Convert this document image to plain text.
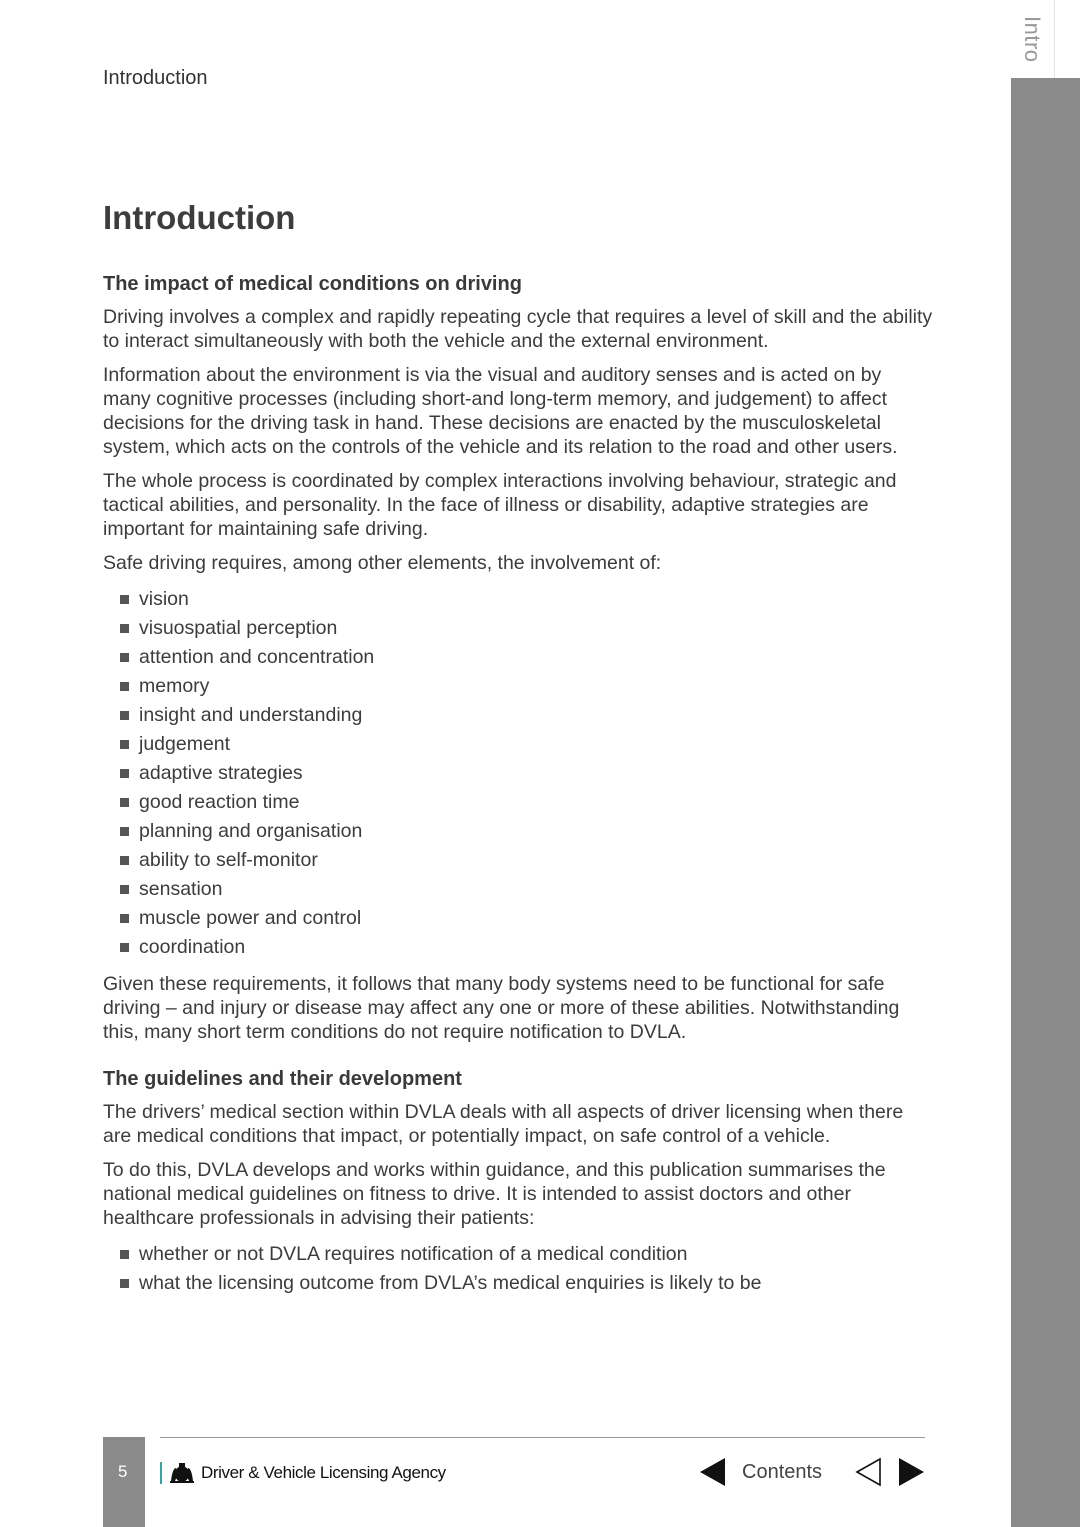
Intro
Introduction
Introduction
The impact of medical conditions on driving

Driving involves a complex and rapidly repeating cycle that requires a level of skill and the ability to interact simultaneously with both the vehicle and the external environment.

Information about the environment is via the visual and auditory senses and is acted on by many cognitive processes (including short-and long-term memory, and judgement) to affect decisions for the driving task in hand. These decisions are enacted by the musculoskeletal system, which acts on the controls of the vehicle and its relation to the road and other users.

The whole process is coordinated by complex interactions involving behaviour, strategic and tactical abilities, and personality. In the face of illness or disability, adaptive strategies are important for maintaining safe driving.

Safe driving requires, among other elements, the involvement of:

vision
visuospatial perception
attention and concentration
memory
insight and understanding
judgement
adaptive strategies
good reaction time
planning and organisation
ability to self-monitor
sensation
muscle power and control
coordination

Given these requirements, it follows that many body systems need to be functional for safe driving – and injury or disease may affect any one or more of these abilities. Notwithstanding this, many short term conditions do not require notification to DVLA.

The guidelines and their development

The drivers’ medical section within DVLA deals with all aspects of driver licensing when there are medical conditions that impact, or potentially impact, on safe control of a vehicle.

To do this, DVLA develops and works within guidance, and this publication summarises the national medical guidelines on fitness to drive. It is intended to assist doctors and other healthcare professionals in advising their patients:

whether or not DVLA requires notification of a medical condition
what the licensing outcome from DVLA’s medical enquiries is likely to be
5	Driver & Vehicle Licensing Agency	Contents
